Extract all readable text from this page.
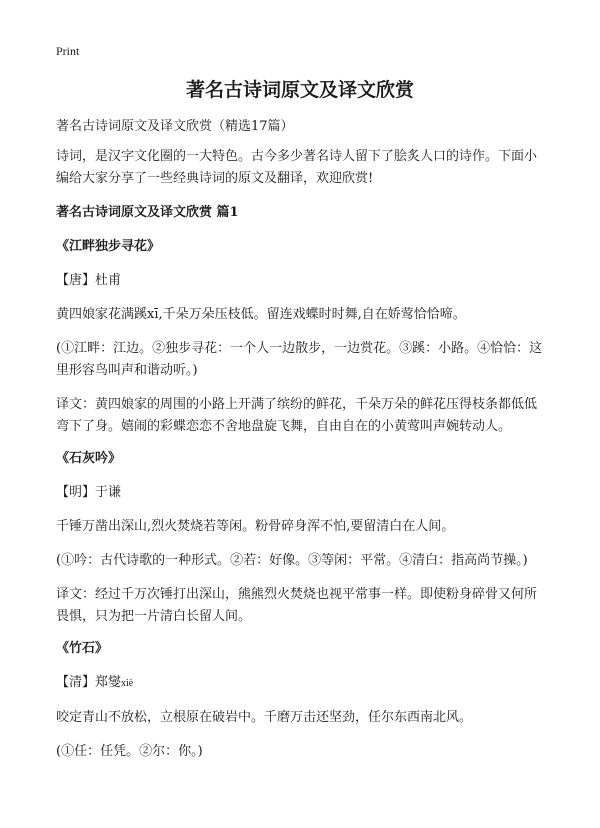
Print
著名古诗词原文及译文欣赏

著名古诗词原文及译文欣赏（精选17篇）

诗词，是汉字文化圈的一大特色。古今多少著名诗人留下了脍炙人口的诗作。下面小编给大家分享了一些经典诗词的原文及翻译，欢迎欣赏!

著名古诗词原文及译文欣赏 篇1

《江畔独步寻花》

【唐】杜甫

黄四娘家花满蹊xī,千朵万朵压枝低。留连戏蝶时时舞,自在娇莺恰恰啼。

(①江畔：江边。②独步寻花：一个人一边散步，一边赏花。③蹊：小路。④恰恰：这里形容鸟叫声和谐动听。)

译文：黄四娘家的周围的小路上开满了缤纷的鲜花，千朵万朵的鲜花压得枝条都低低弯下了身。嬉闹的彩蝶恋恋不舍地盘旋飞舞，自由自在的小黄莺叫声婉转动人。

《石灰吟》

【明】于谦

千锤万凿出深山,烈火焚烧若等闲。粉骨碎身浑不怕,要留清白在人间。

(①吟：古代诗歌的一种形式。②若：好像。③等闲：平常。④清白：指高尚节操。)

译文：经过千万次锤打出深山，熊熊烈火焚烧也视平常事一样。即使粉身碎骨又何所畏惧，只为把一片清白长留人间。

《竹石》

【清】郑燮xiè

咬定青山不放松，立根原在破岩中。千磨万击还坚劲，任尔东西南北风。

(①任：任凭。②尔：你。)
